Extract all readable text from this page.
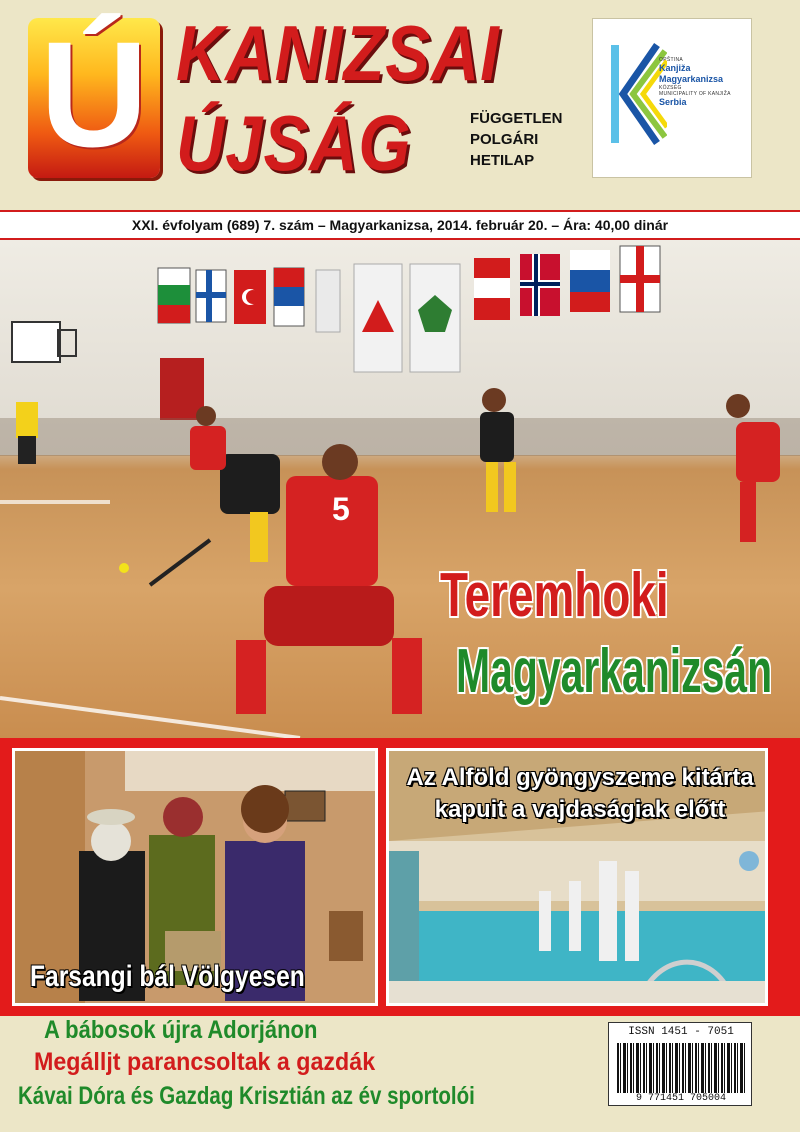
Ú KANIZSAI
ÚJSÁG	FÜGGETLEN
POLGÁRI
HETILAP
OPŠTINA
Kanjiža
Magyarkanizsa
KÖZSÉG
MUNICIPALITY OF KANJIŽA
Serbia
XXI. évfolyam (689) 7. szám – Magyarkanizsa, 2014. február 20. – Ára: 40,00 dinár
5
Teremhoki
Magyarkanizsán
Farsangi bál Völgyesen
Az Alföld gyöngyszeme kitárta
kapuit a vajdaságiak előtt
A bábosok újra Adorjánon
Megálljt parancsoltak a gazdák
Kávai Dóra és Gazdag Krisztián az év sportolói
ISSN 1451 - 7051
9 771451 705004
